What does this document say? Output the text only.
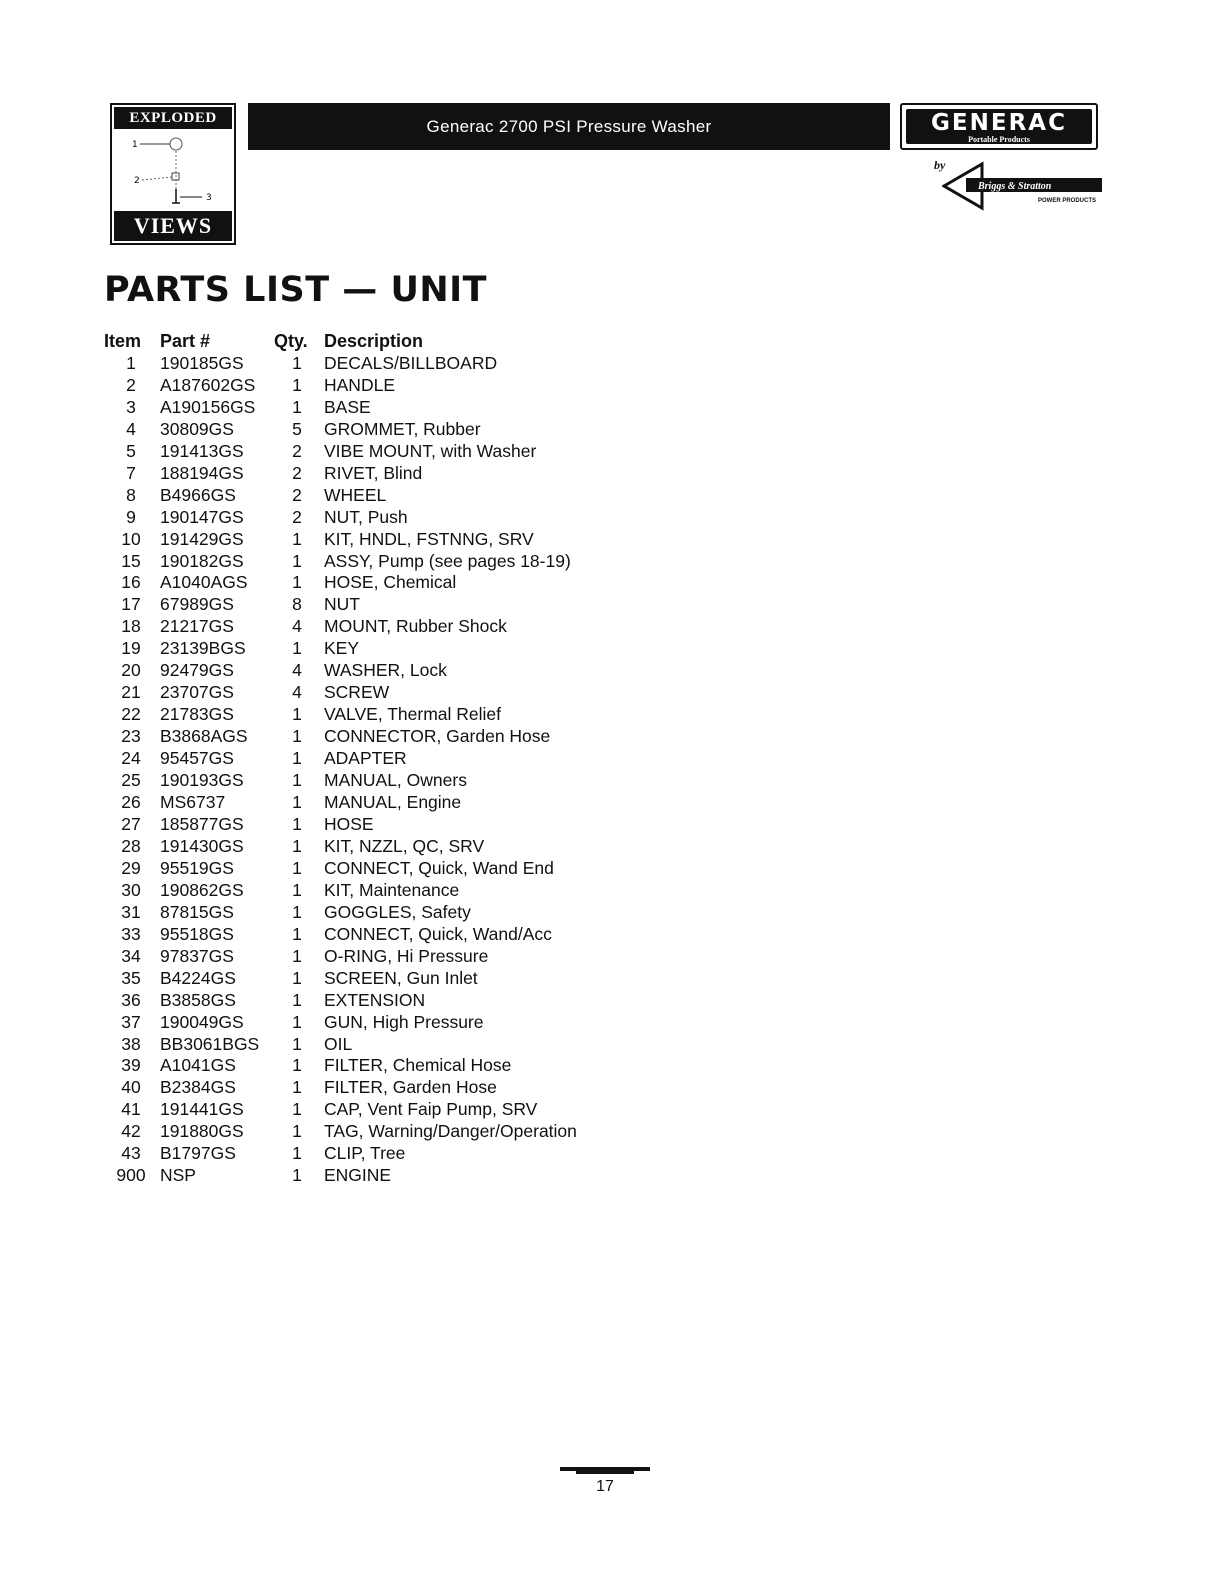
EXPLODED
1
2
3
VIEWS
Generac 2700 PSI Pressure Washer	GENERAC
Portable Products
by
Briggs & Stratton
POWER PRODUCTS
PARTS LIST — UNIT
Item	Part #	Qty.	Description
1	190185GS	1	DECALS/BILLBOARD
2	A187602GS	1	HANDLE
3	A190156GS	1	BASE
4	30809GS	5	GROMMET, Rubber
5	191413GS	2	VIBE MOUNT, with Washer
7	188194GS	2	RIVET, Blind
8	B4966GS	2	WHEEL
9	190147GS	2	NUT, Push
10	191429GS	1	KIT, HNDL, FSTNNG, SRV
15	190182GS	1	ASSY, Pump (see pages 18-19)
16	A1040AGS	1	HOSE, Chemical
17	67989GS	8	NUT
18	21217GS	4	MOUNT, Rubber Shock
19	23139BGS	1	KEY
20	92479GS	4	WASHER, Lock
21	23707GS	4	SCREW
22	21783GS	1	VALVE, Thermal Relief
23	B3868AGS	1	CONNECTOR, Garden Hose
24	95457GS	1	ADAPTER
25	190193GS	1	MANUAL, Owners
26	MS6737	1	MANUAL, Engine
27	185877GS	1	HOSE
28	191430GS	1	KIT, NZZL, QC, SRV
29	95519GS	1	CONNECT, Quick, Wand End
30	190862GS	1	KIT, Maintenance
31	87815GS	1	GOGGLES, Safety
33	95518GS	1	CONNECT, Quick, Wand/Acc
34	97837GS	1	O-RING, Hi Pressure
35	B4224GS	1	SCREEN, Gun Inlet
36	B3858GS	1	EXTENSION
37	190049GS	1	GUN, High Pressure
38	BB3061BGS	1	OIL
39	A1041GS	1	FILTER, Chemical Hose
40	B2384GS	1	FILTER, Garden Hose
41	191441GS	1	CAP, Vent Faip Pump, SRV
42	191880GS	1	TAG, Warning/Danger/Operation
43	B1797GS	1	CLIP, Tree
900	NSP	1	ENGINE
17
